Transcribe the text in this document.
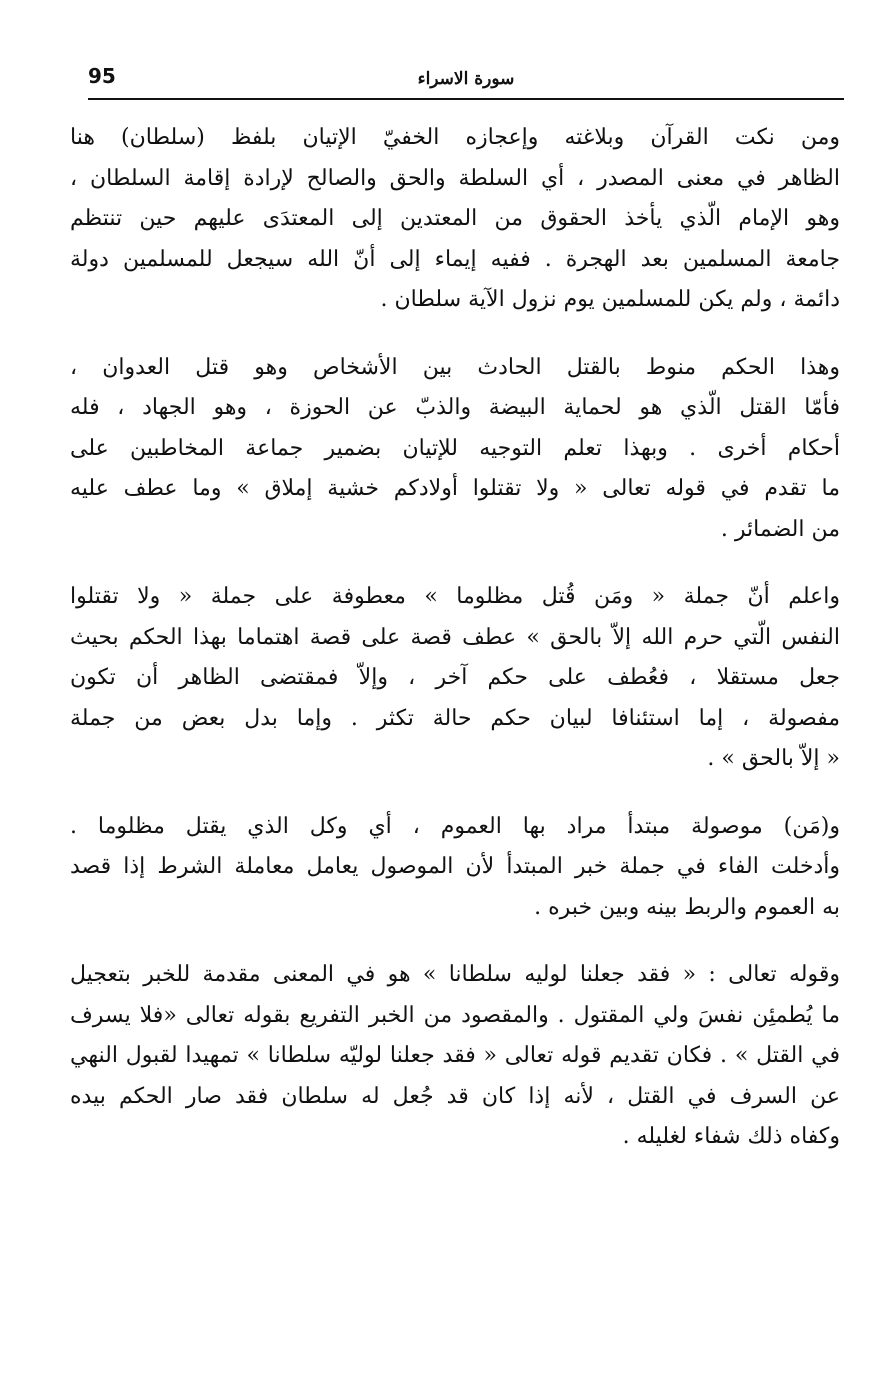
95	سورة الاسراء

ومن نكت القرآن وبلاغته وإعجازه الخفيّ الإتيان بلفظ (سلطان) هنا
الظاهر في معنى المصدر ، أي السلطة والحق والصالح لإرادة إقامة السلطان ،
وهو الإمام الّذي يأخذ الحقوق من المعتدين إلى المعتدَى عليهم حين تنتظم
جامعة المسلمين بعد الهجرة . ففيه إيماء إلى أنّ الله سيجعل للمسلمين دولة
دائمة ، ولم يكن للمسلمين يوم نزول الآية سلطان .

وهذا الحكم منوط بالقتل الحادث بين الأشخاص وهو قتل العدوان ،
فأمّا القتل الّذي هو لحماية البيضة والذبّ عن الحوزة ، وهو الجهاد ، فله
أحكام أخرى . وبهذا تعلم التوجيه للإتيان بضمير جماعة المخاطبين على
ما تقدم في قوله تعالى « ولا تقتلوا أولادكم خشية إملاق » وما عطف عليه
من الضمائر .

واعلم أنّ جملة « ومَن قُتل مظلوما » معطوفة على جملة « ولا تقتلوا
النفس الّتي حرم الله إلاّ بالحق » عطف قصة على قصة اهتماما بهذا الحكم بحيث
جعل مستقلا ، فعُطف على حكم آخر ، وإلاّ فمقتضى الظاهر أن تكون
مفصولة ، إما استئنافا لبيان حكم حالة تكثر . وإما بدل بعض من جملة
« إلاّ بالحق » .

و(مَن) موصولة مبتدأ مراد بها العموم ، أي وكل الذي يقتل مظلوما .
وأدخلت الفاء في جملة خبر المبتدأ لأن الموصول يعامل معاملة الشرط إذا قصد
به العموم والربط بينه وبين خبره .

وقوله تعالى : « فقد جعلنا لوليه سلطانا » هو في المعنى مقدمة للخبر بتعجيل
ما يُطمئِن نفسَ ولي المقتول . والمقصود من الخبر التفريع بقوله تعالى «فلا يسرف
في القتل » . فكان تقديم قوله تعالى « فقد جعلنا لوليّه سلطانا » تمهيدا لقبول النهي
عن السرف في القتل ، لأنه إذا كان قد جُعل له سلطان فقد صار الحكم بيده
وكفاه ذلك شفاء لغليله .
